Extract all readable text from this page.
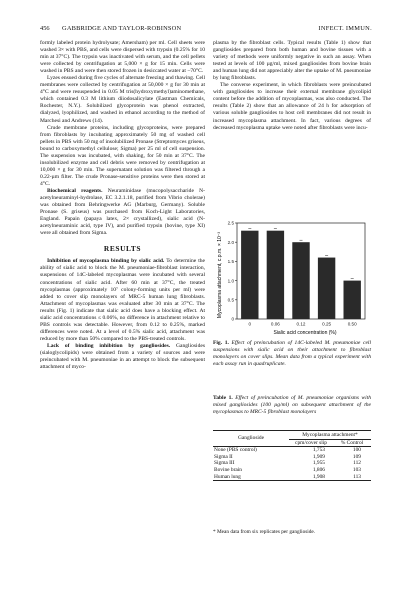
456 GABBRIDGE AND TAYLOR-ROBINSON	INFECT. IMMUN.

formly labeled protein hydrolysate; Amersham) per ml. Cell sheets were washed 3× with PBS, and cells were dispersed with trypsin (0.25% for 10 min at 37°C). The trypsin was inactivated with serum, and the cell pellets were collected by centrifugation at 5,000 × g for 15 min. Cells were washed in PBS and were then stored frozen in desiccated water at −70°C.

Lyzes ensued during five cycles of alternate freezing and thawing. Cell membranes were collected by centrifugation at 50,000 × g for 30 min at 4°C and were resuspended in 0.05 M tris(hydroxymethyl)aminomethane, which contained 0.3 M lithium diiodosalicylate (Eastman Chemicals, Rochester, N.Y.). Solubilized glycoprotein was phenol extracted, dialyzed, lyophilized, and washed in ethanol according to the method of Marchesi and Andrews (14).

Crude membrane proteins, including glycoproteins, were prepared from fibroblasts by incubating approximately 50 mg of washed cell pellets in PBS with 50 mg of insolubilized Pronase (Streptomyces griseus, bound to carboxymethyl cellulose; Sigma) per 25 ml of cell suspension. The suspension was incubated, with shaking, for 50 min at 37°C. The insolubilized enzyme and cell debris were removed by centrifugation at 10,000 × g for 30 min. The supernatant solution was filtered through a 0.22-µm filter. The crude Pronase-sensitive proteins were then stored at 4°C.

Biochemical reagents. Neuraminidase (mucopolysaccharide N-acetylneuraminyl-hydrolase, EC 3.2.1.18, purified from Vibrio cholerae) was obtained from Behringwerke AG (Marburg, Germany). Soluble Pronase (S. griseus) was purchased from Koch-Light Laboratories, England. Papain (papaya latex, 2× crystallized), sialic acid (N-acetylneuraminic acid, type IV), and purified trypsin (bovine, type XI) were all obtained from Sigma.

RESULTS

Inhibition of mycoplasma binding by sialic acid. To determine the ability of sialic acid to block the M. pneumoniae-fibroblast interaction, suspensions of 14C-labeled mycoplasmas were incubated with several concentrations of sialic acid. After 60 min at 37°C, the treated mycoplasmas (approximately 10⁷ colony-forming units per ml) were added to cover slip monolayers of MRC-5 human lung fibroblasts. Attachment of mycoplasmas was evaluated after 30 min at 37°C. The results (Fig. 1) indicate that sialic acid does have a blocking effect. At sialic acid concentrations ≤ 0.06%, no difference in attachment relative to PBS controls was detectable. However, from 0.12 to 0.25%, marked differences were noted. At a level of 0.5% sialic acid, attachment was reduced by more than 50% compared to the PBS-treated controls.

Lack of binding inhibition by gangliosides. Gangliosides (sialoglycolipids) were obtained from a variety of sources and were preincubated with M. pneumoniae in an attempt to block the subsequent attachment of myco-

plasma by the fibroblast cells. Typical results (Table 1) show that gangliosides prepared from both human and bovine tissues with a variety of methods were uniformly negative in such an assay. When tested at levels of 100 µg/ml, mixed gangliosides from bovine brain and human lung did not appreciably alter the uptake of M. pneumoniae by lung fibroblasts.

The converse experiment, in which fibroblasts were preincubated with gangliosides to increase their external membrane glycolipid content before the addition of mycoplasmas, was also conducted. The results (Table 2) show that an allowance of 24 h for adsorption of various soluble gangliosides to host cell membranes did not result in increased mycoplasma attachment. In fact, various degrees of decreased mycoplasma uptake were noted after fibroblasts were incu-

0
0.5
1.0
1.5
2.0
2.5
0	0.06	0.12	0.25	0.50
Mycoplasma attachment, c.p.m. × 10⁻³
Sialic acid concentration (%)
Fig. 1. Effect of preincubation of 14C-labeled M. pneumoniae cell suspensions with sialic acid on their attachment to fibroblast monolayers on cover slips. Mean data from a typical experiment with each assay run in quadruplicate.
Table 1. Effect of preincubation of M. pneumoniae organisms with mixed gangliosides (100 µg/ml) on subsequent attachment of the mycoplasmas to MRC-5 fibroblast monolayers
Ganglioside	Mycoplasma attachment*	
	cpm/cover slip	% Control
None (PBS control)	1,753	100
Sigma II	1,909	109
Sigma III	1,955	112
Bovine brain	1,806	103
Human lung	1,908	113
* Mean data from six replicates per ganglioside.
